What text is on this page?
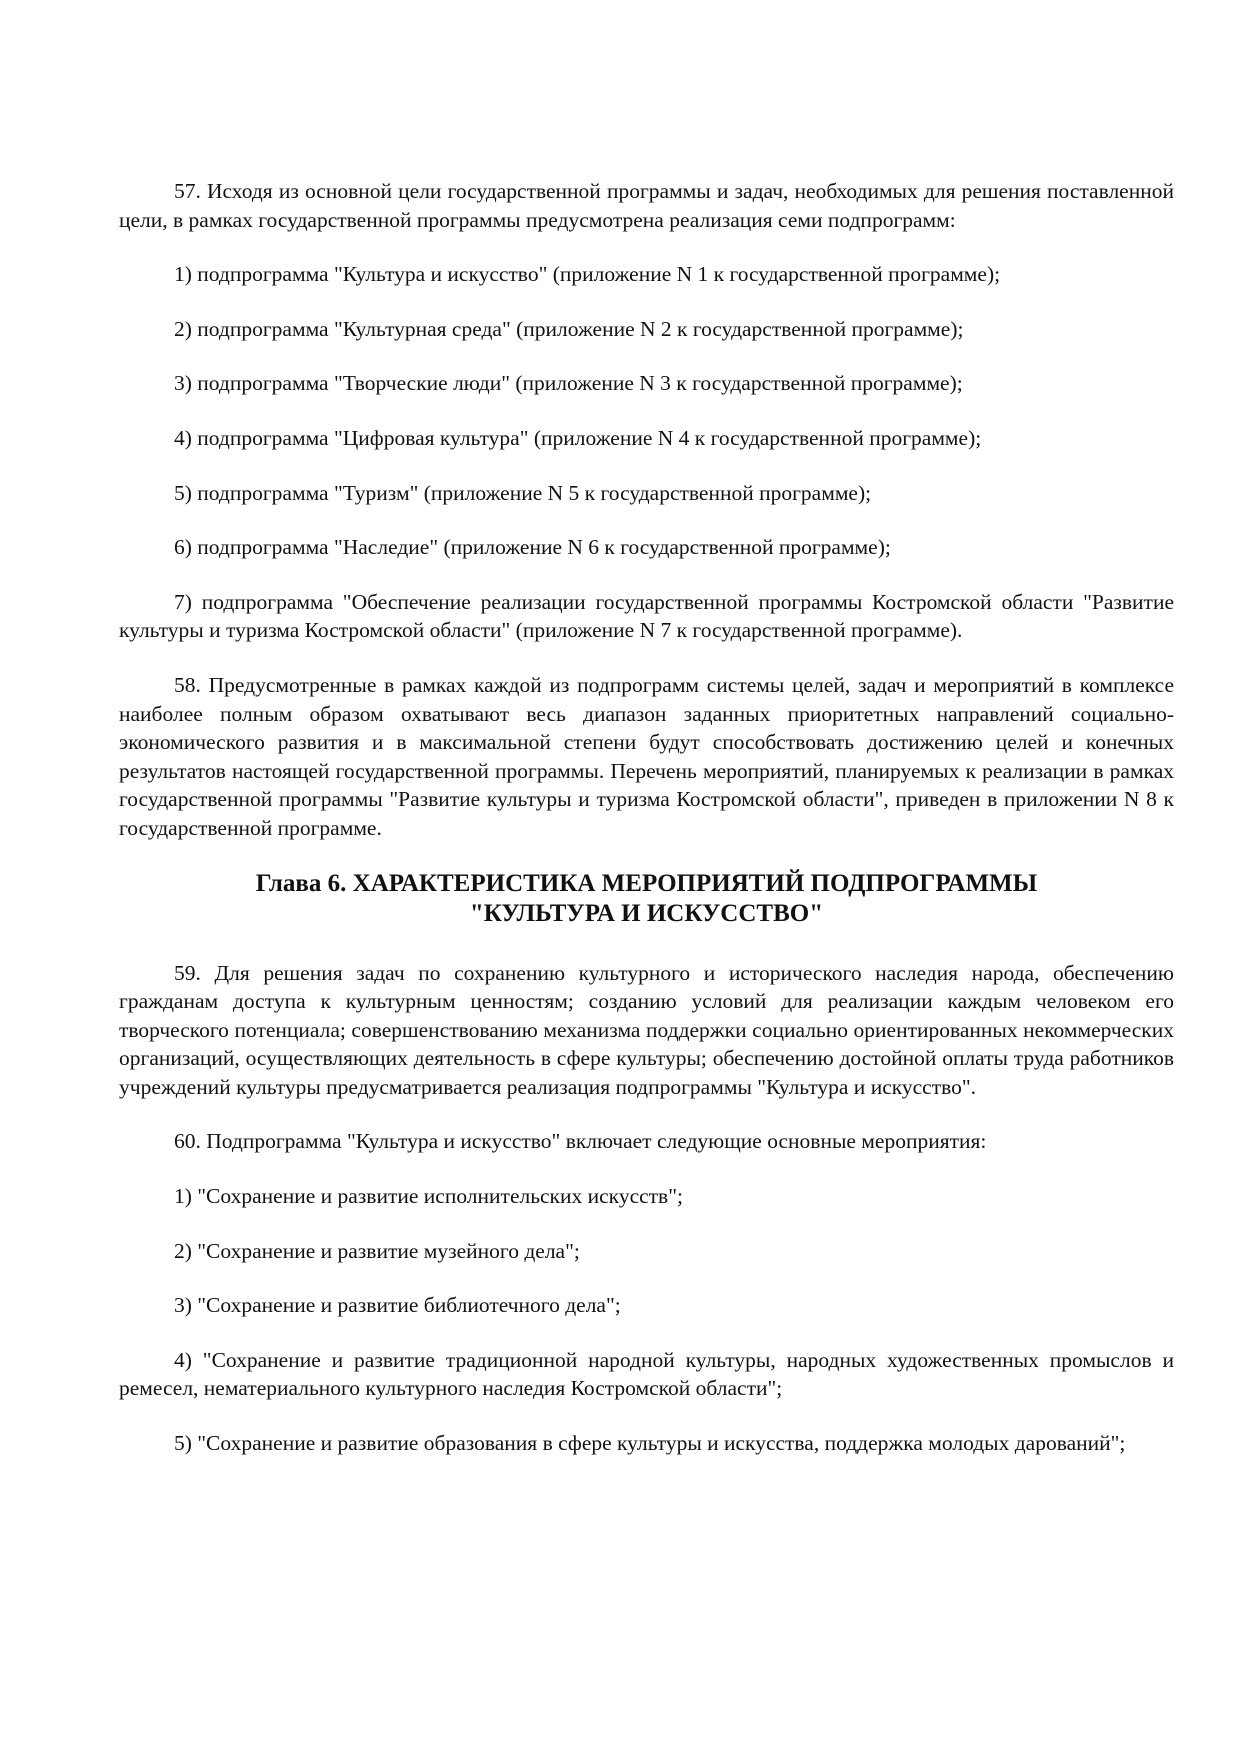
57. Исходя из основной цели государственной программы и задач, необходимых для решения поставленной цели, в рамках государственной программы предусмотрена реализация семи подпрограмм:

1) подпрограмма "Культура и искусство" (приложение N 1 к государственной программе);

2) подпрограмма "Культурная среда" (приложение N 2 к государственной программе);

3) подпрограмма "Творческие люди" (приложение N 3 к государственной программе);

4) подпрограмма "Цифровая культура" (приложение N 4 к государственной программе);

5) подпрограмма "Туризм" (приложение N 5 к государственной программе);

6) подпрограмма "Наследие" (приложение N 6 к государственной программе);

7) подпрограмма "Обеспечение реализации государственной программы Костромской области "Развитие культуры и туризма Костромской области" (приложение N 7 к государственной программе).

58. Предусмотренные в рамках каждой из подпрограмм системы целей, задач и мероприятий в комплексе наиболее полным образом охватывают весь диапазон заданных приоритетных направлений социально-экономического развития и в максимальной степени будут способствовать достижению целей и конечных результатов настоящей государственной программы. Перечень мероприятий, планируемых к реализации в рамках государственной программы "Развитие культуры и туризма Костромской области", приведен в приложении N 8 к государственной программе.

Глава 6. ХАРАКТЕРИСТИКА МЕРОПРИЯТИЙ ПОДПРОГРАММЫ
"КУЛЬТУРА И ИСКУССТВО"

59. Для решения задач по сохранению культурного и исторического наследия народа, обеспечению гражданам доступа к культурным ценностям; созданию условий для реализации каждым человеком его творческого потенциала; совершенствованию механизма поддержки социально ориентированных некоммерческих организаций, осуществляющих деятельность в сфере культуры; обеспечению достойной оплаты труда работников учреждений культуры предусматривается реализация подпрограммы "Культура и искусство".

60. Подпрограмма "Культура и искусство" включает следующие основные мероприятия:

1) "Сохранение и развитие исполнительских искусств";

2) "Сохранение и развитие музейного дела";

3) "Сохранение и развитие библиотечного дела";

4) "Сохранение и развитие традиционной народной культуры, народных художественных промыслов и ремесел, нематериального культурного наследия Костромской области";

5) "Сохранение и развитие образования в сфере культуры и искусства, поддержка молодых дарований";
